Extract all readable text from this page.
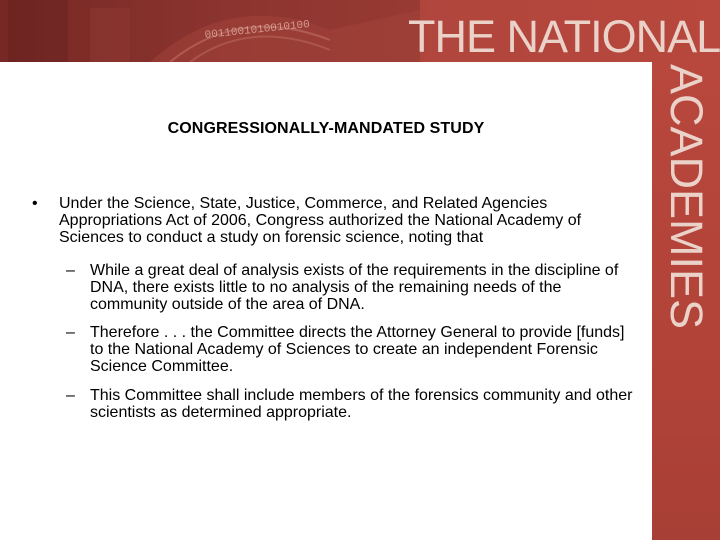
0011001010010100 THE NATIONAL
ACADEMIES
CONGRESSIONALLY-MANDATED STUDY
• Under the Science, State, Justice, Commerce, and Related Agencies Appropriations Act of 2006, Congress authorized the National Academy of Sciences to conduct a study on forensic science, noting that
– While a great deal of analysis exists of the requirements in the discipline of DNA, there exists little to no analysis of the remaining needs of the community outside of the area of DNA.
– Therefore . . . the Committee directs the Attorney General to provide [funds] to the National Academy of Sciences to create an independent Forensic Science Committee.
– This Committee shall include members of the forensics community and other scientists as determined appropriate.
